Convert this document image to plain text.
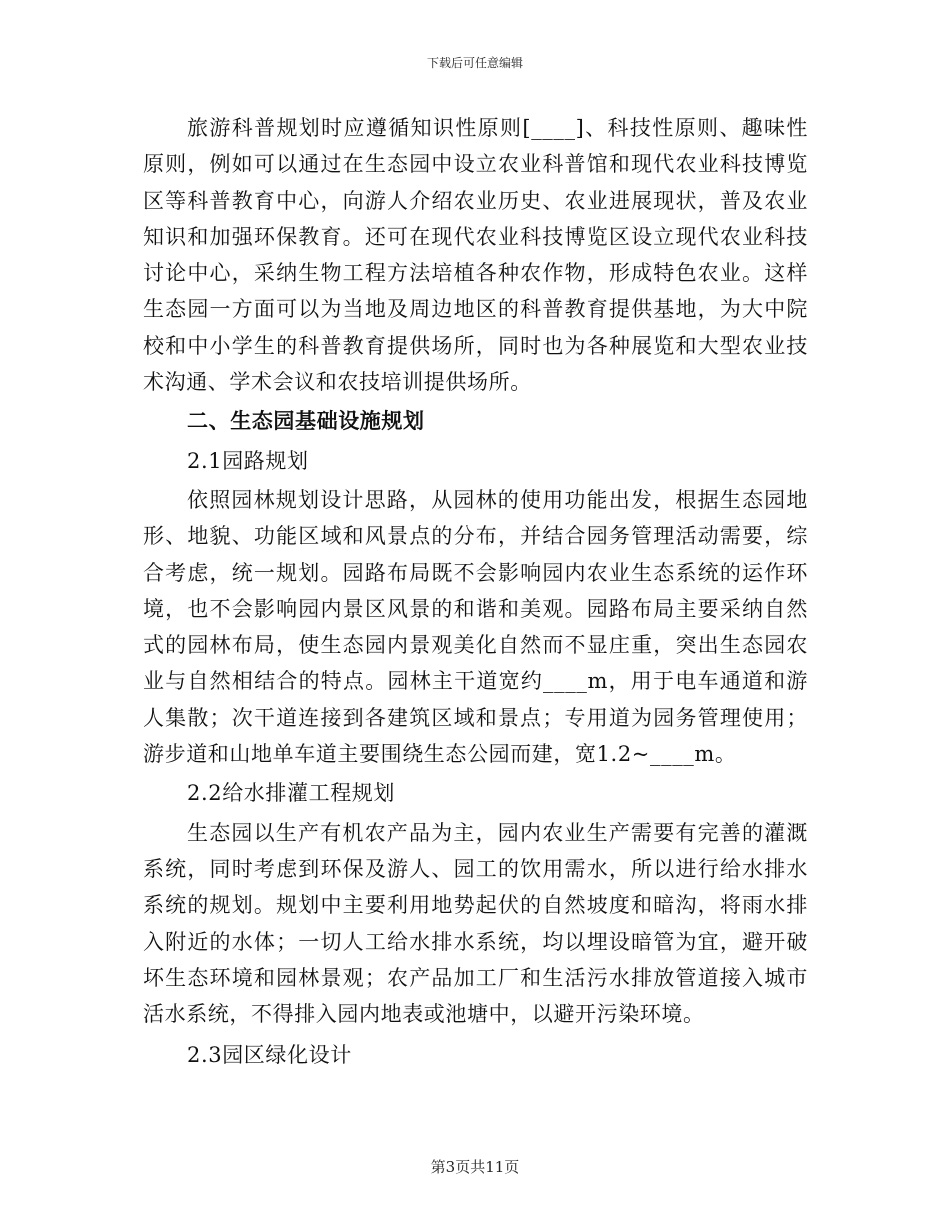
下载后可任意编辑

旅游科普规划时应遵循知识性原则[____]、科技性原则、趣味性原则，例如可以通过在生态园中设立农业科普馆和现代农业科技博览区等科普教育中心，向游人介绍农业历史、农业进展现状，普及农业知识和加强环保教育。还可在现代农业科技博览区设立现代农业科技讨论中心，采纳生物工程方法培植各种农作物，形成特色农业。这样生态园一方面可以为当地及周边地区的科普教育提供基地，为大中院校和中小学生的科普教育提供场所，同时也为各种展览和大型农业技术沟通、学术会议和农技培训提供场所。

二、生态园基础设施规划

2.1园路规划

依照园林规划设计思路，从园林的使用功能出发，根据生态园地形、地貌、功能区域和风景点的分布，并结合园务管理活动需要，综合考虑，统一规划。园路布局既不会影响园内农业生态系统的运作环境，也不会影响园内景区风景的和谐和美观。园路布局主要采纳自然式的园林布局，使生态园内景观美化自然而不显庄重，突出生态园农业与自然相结合的特点。园林主干道宽约____m，用于电车通道和游人集散；次干道连接到各建筑区域和景点；专用道为园务管理使用；游步道和山地单车道主要围绕生态公园而建，宽1.2~____m。

2.2给水排灌工程规划

生态园以生产有机农产品为主，园内农业生产需要有完善的灌溉系统，同时考虑到环保及游人、园工的饮用需水，所以进行给水排水系统的规划。规划中主要利用地势起伏的自然坡度和暗沟，将雨水排入附近的水体；一切人工给水排水系统，均以埋设暗管为宜，避开破坏生态环境和园林景观；农产品加工厂和生活污水排放管道接入城市活水系统，不得排入园内地表或池塘中，以避开污染环境。

2.3园区绿化设计

第3页共11页
